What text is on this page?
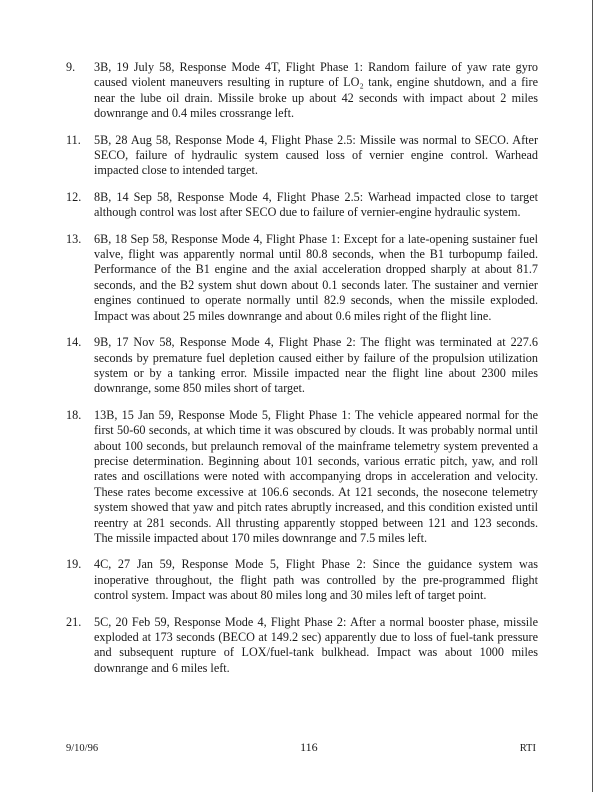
9.	3B, 19 July 58, Response Mode 4T, Flight Phase 1: Random failure of yaw rate gyro caused violent maneuvers resulting in rupture of LO₂ tank, engine shutdown, and a fire near the lube oil drain. Missile broke up about 42 seconds with impact about 2 miles downrange and 0.4 miles crossrange left.
11.	5B, 28 Aug 58, Response Mode 4, Flight Phase 2.5: Missile was normal to SECO. After SECO, failure of hydraulic system caused loss of vernier engine control. Warhead impacted close to intended target.
12.	8B, 14 Sep 58, Response Mode 4, Flight Phase 2.5: Warhead impacted close to target although control was lost after SECO due to failure of vernier-engine hydraulic system.
13.	6B, 18 Sep 58, Response Mode 4, Flight Phase 1: Except for a late-opening sustainer fuel valve, flight was apparently normal until 80.8 seconds, when the B1 turbopump failed. Performance of the B1 engine and the axial acceleration dropped sharply at about 81.7 seconds, and the B2 system shut down about 0.1 seconds later. The sustainer and vernier engines continued to operate normally until 82.9 seconds, when the missile exploded. Impact was about 25 miles downrange and about 0.6 miles right of the flight line.
14.	9B, 17 Nov 58, Response Mode 4, Flight Phase 2: The flight was terminated at 227.6 seconds by premature fuel depletion caused either by failure of the propulsion utilization system or by a tanking error. Missile impacted near the flight line about 2300 miles downrange, some 850 miles short of target.
18.	13B, 15 Jan 59, Response Mode 5, Flight Phase 1: The vehicle appeared normal for the first 50-60 seconds, at which time it was obscured by clouds. It was probably normal until about 100 seconds, but prelaunch removal of the mainframe telemetry system prevented a precise determination. Beginning about 101 seconds, various erratic pitch, yaw, and roll rates and oscillations were noted with accompanying drops in acceleration and velocity. These rates become excessive at 106.6 seconds. At 121 seconds, the nosecone telemetry system showed that yaw and pitch rates abruptly increased, and this condition existed until reentry at 281 seconds. All thrusting apparently stopped between 121 and 123 seconds. The missile impacted about 170 miles downrange and 7.5 miles left.
19.	4C, 27 Jan 59, Response Mode 5, Flight Phase 2: Since the guidance system was inoperative throughout, the flight path was controlled by the pre-programmed flight control system. Impact was about 80 miles long and 30 miles left of target point.
21.	5C, 20 Feb 59, Response Mode 4, Flight Phase 2: After a normal booster phase, missile exploded at 173 seconds (BECO at 149.2 sec) apparently due to loss of fuel-tank pressure and subsequent rupture of LOX/fuel-tank bulkhead. Impact was about 1000 miles downrange and 6 miles left.
9/10/96	116	RTI
